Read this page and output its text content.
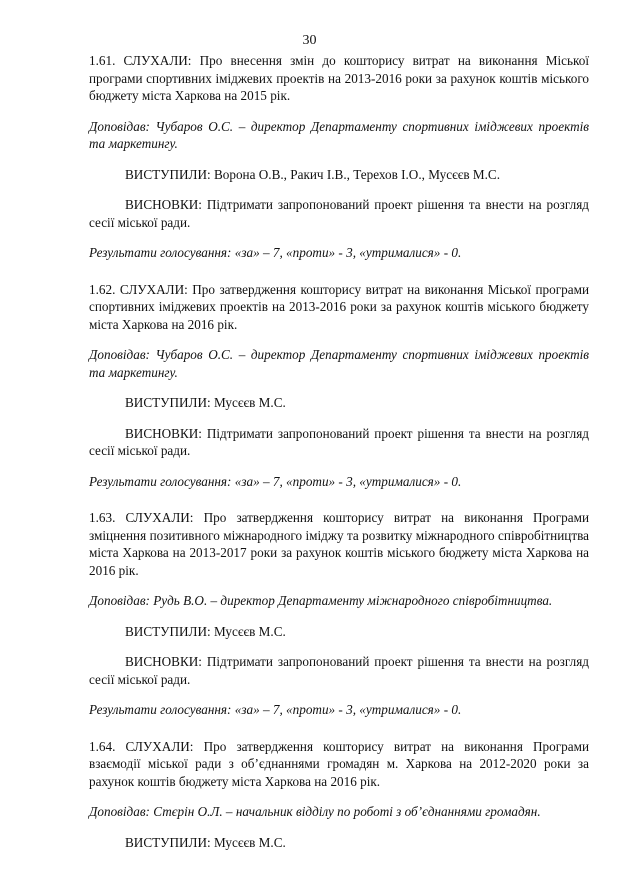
30

1.61. СЛУХАЛИ: Про внесення змін до кошторису витрат на виконання Міської програми спортивних іміджевих проектів на 2013-2016 роки за рахунок коштів міського бюджету міста Харкова на 2015 рік.

Доповідав: Чубаров О.С. – директор Департаменту спортивних іміджевих проектів та маркетингу.

ВИСТУПИЛИ: Ворона О.В., Ракич І.В., Терехов І.О., Мусєєв М.С.

ВИСНОВКИ: Підтримати запропонований проект рішення та внести на розгляд сесії міської ради.

Результати голосування: «за» – 7, «проти» - 3, «утрималися» - 0.

1.62. СЛУХАЛИ: Про затвердження кошторису витрат на виконання Міської програми спортивних іміджевих проектів на 2013-2016 роки за рахунок коштів міського бюджету міста Харкова на 2016 рік.

Доповідав: Чубаров О.С. – директор Департаменту спортивних іміджевих проектів та маркетингу.

ВИСТУПИЛИ: Мусєєв М.С.

ВИСНОВКИ: Підтримати запропонований проект рішення та внести на розгляд сесії міської ради.

Результати голосування: «за» – 7, «проти» - 3, «утрималися» - 0.

1.63. СЛУХАЛИ: Про затвердження кошторису витрат на виконання Програми зміцнення позитивного міжнародного іміджу та розвитку міжнародного співробітництва міста Харкова на 2013-2017 роки за рахунок коштів міського бюджету міста Харкова на 2016 рік.

Доповідав: Рудь В.О. – директор Департаменту міжнародного співробітництва.

ВИСТУПИЛИ: Мусєєв М.С.

ВИСНОВКИ: Підтримати запропонований проект рішення та внести на розгляд сесії міської ради.

Результати голосування: «за» – 7, «проти» - 3, «утрималися» - 0.

1.64. СЛУХАЛИ: Про затвердження кошторису витрат на виконання Програми взаємодії міської ради з об’єднаннями громадян м. Харкова на 2012-2020 роки за рахунок коштів бюджету міста Харкова на 2016 рік.

Доповідав: Стєрін О.Л. – начальник відділу по роботі з об’єднаннями громадян.

ВИСТУПИЛИ: Мусєєв М.С.
